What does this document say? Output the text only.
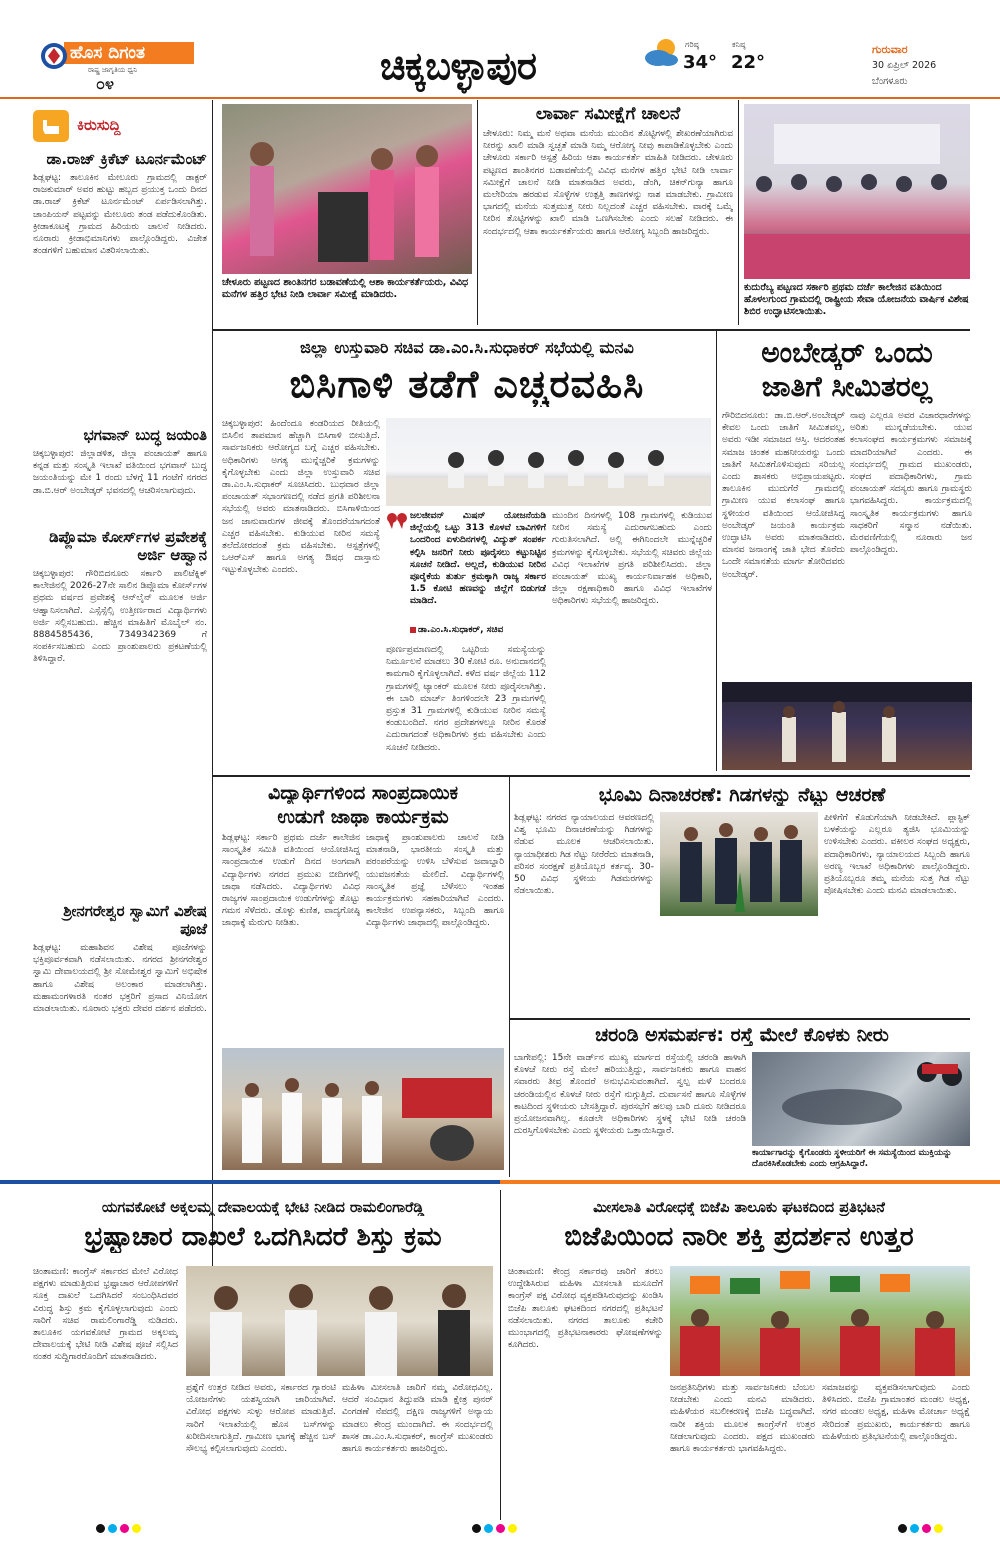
ಹೊಸ ದಿಗಂತ
ರಾಷ್ಟ್ರ ಜಾಗೃತಿಯ ಧ್ವನಿ
೦೪	ಚಿಕ್ಕಬಳ್ಳಾಪುರ	ಗರಿಷ್ಠ
34°
ಕನಿಷ್ಠ
22°
ಗುರುವಾರ
30 ಏಪ್ರಿಲ್ 2026
ಬೆಂಗಳೂರು
ಕಿರುಸುದ್ದಿ
ಡಾ.ರಾಜ್ ಕ್ರಿಕೆಟ್ ಟೂರ್ನಮೆಂಟ್
ಶಿಡ್ಲಘಟ್ಟ: ತಾಲೂಕಿನ ಮೇಲೂರು ಗ್ರಾಮದಲ್ಲಿ ಡಾಕ್ಟರ್ ರಾಜಕುಮಾರ್ ಅವರ ಹುಟ್ಟು ಹಬ್ಬದ ಪ್ರಯುಕ್ತ ಒಂದು ದಿನದ ಡಾ.ರಾಜ್ ಕ್ರಿಕೆಟ್ ಟೂರ್ನಮೆಂಟ್ ಏರ್ಪಡಿಸಲಾಗಿತ್ತು. ಚಾಂಪಿಯನ್ ಪಟ್ಟವನ್ನು ಮೇಲೂರು ತಂಡ ಪಡೆದುಕೊಂಡಿತು. ಕ್ರೀಡಾಕೂಟಕ್ಕೆ ಗ್ರಾಮದ ಹಿರಿಯರು ಚಾಲನೆ ನೀಡಿದರು. ನೂರಾರು ಕ್ರೀಡಾಭಿಮಾನಿಗಳು ಪಾಲ್ಗೊಂಡಿದ್ದರು. ವಿಜೇತ ತಂಡಗಳಿಗೆ ಬಹುಮಾನ ವಿತರಿಸಲಾಯಿತು.
ಭಗವಾನ್ ಬುದ್ಧ ಜಯಂತಿ
ಚಿಕ್ಕಬಳ್ಳಾಪುರ: ಜಿಲ್ಲಾಡಳಿತ, ಜಿಲ್ಲಾ ಪಂಚಾಯತ್ ಹಾಗೂ ಕನ್ನಡ ಮತ್ತು ಸಂಸ್ಕೃತಿ ಇಲಾಖೆ ವತಿಯಿಂದ ಭಗವಾನ್ ಬುದ್ಧ ಜಯಂತಿಯನ್ನು ಮೇ 1 ರಂದು ಬೆಳಗ್ಗೆ 11 ಗಂಟೆಗೆ ನಗರದ ಡಾ.ಬಿ.ಆರ್ ಅಂಬೇಡ್ಕರ್ ಭವನದಲ್ಲಿ ಆಚರಿಸಲಾಗುವುದು.
ಡಿಪ್ಲೊಮಾ ಕೋರ್ಸ್‌ಗಳ ಪ್ರವೇಶಕ್ಕೆ ಅರ್ಜಿ ಆಹ್ವಾನ
ಚಿಕ್ಕಬಳ್ಳಾಪುರ: ಗೌರಿಬಿದನೂರು ಸರ್ಕಾರಿ ಪಾಲಿಟೆಕ್ನಿಕ್ ಕಾಲೇಜಿನಲ್ಲಿ 2026-27ನೇ ಸಾಲಿನ ಡಿಪ್ಲೊಮಾ ಕೋರ್ಸ್‌ಗಳ ಪ್ರಥಮ ವರ್ಷದ ಪ್ರವೇಶಕ್ಕೆ ಆನ್‌ಲೈನ್ ಮೂಲಕ ಅರ್ಜಿ ಆಹ್ವಾನಿಸಲಾಗಿದೆ. ಎಸ್ಸೆಸ್ಸೆಲ್ಸಿ ಉತ್ತೀರ್ಣರಾದ ವಿದ್ಯಾರ್ಥಿಗಳು ಅರ್ಜಿ ಸಲ್ಲಿಸಬಹುದು. ಹೆಚ್ಚಿನ ಮಾಹಿತಿಗೆ ಮೊಬೈಲ್ ನಂ. 8884585436, 7349342369 ಗೆ ಸಂಪರ್ಕಿಸಬಹುದು ಎಂದು ಪ್ರಾಂಶುಪಾಲರು ಪ್ರಕಟಣೆಯಲ್ಲಿ ತಿಳಿಸಿದ್ದಾರೆ.
ಶ್ರೀನಗರೇಶ್ವರ ಸ್ವಾಮಿಗೆ ವಿಶೇಷ ಪೂಜೆ
ಶಿಡ್ಲಘಟ್ಟ: ಮಹಾಶಿವನ ವಿಶೇಷ ಪೂಜೆಗಳನ್ನು ಭಕ್ತಿಪೂರ್ವಕವಾಗಿ ನಡೆಸಲಾಯಿತು. ನಗರದ ಶ್ರೀನಗರೇಶ್ವರ ಸ್ವಾಮಿ ದೇವಾಲಯದಲ್ಲಿ ಶ್ರೀ ಸೋಮೇಶ್ವರ ಸ್ವಾಮಿಗೆ ಅಭಿಷೇಕ ಹಾಗೂ ವಿಶೇಷ ಅಲಂಕಾರ ಮಾಡಲಾಗಿತ್ತು. ಮಹಾಮಂಗಳಾರತಿ ನಂತರ ಭಕ್ತರಿಗೆ ಪ್ರಸಾದ ವಿನಿಯೋಗ ಮಾಡಲಾಯಿತು. ನೂರಾರು ಭಕ್ತರು ದೇವರ ದರ್ಶನ ಪಡೆದರು.
ಚೇಳೂರು ಪಟ್ಟಣದ ಶಾಂತಿನಗರ ಬಡಾವಣೆಯಲ್ಲಿ ಆಶಾ ಕಾರ್ಯಕರ್ತೆಯರು, ವಿವಿಧ ಮನೆಗಳ ಹತ್ತಿರ ಭೇಟಿ ನೀಡಿ ಲಾರ್ವಾ ಸಮೀಕ್ಷೆ ಮಾಡಿದರು.
ಲಾರ್ವಾ ಸಮೀಕ್ಷೆಗೆ ಚಾಲನೆ
ಚೇಳೂರು: ನಿಮ್ಮ ಮನೆ ಅಥವಾ ಮನೆಯ ಮುಂದಿನ ತೊಟ್ಟಿಗಳಲ್ಲಿ ಶೇಖರಣೆಯಾಗಿರುವ ನೀರನ್ನು ಖಾಲಿ ಮಾಡಿ ಸ್ವಚ್ಛತೆ ಮಾಡಿ ನಿಮ್ಮ ಆರೋಗ್ಯ ನೀವು ಕಾಪಾಡಿಕೊಳ್ಳಬೇಕು ಎಂದು ಚೇಳೂರು ಸರ್ಕಾರಿ ಆಸ್ಪತ್ರೆ ಹಿರಿಯ ಆಶಾ ಕಾರ್ಯಕರ್ತೆ ಮಾಹಿತಿ ನೀಡಿದರು. ಚೇಳೂರು ಪಟ್ಟಣದ ಶಾಂತಿನಗರ ಬಡಾವಣೆಯಲ್ಲಿ ವಿವಿಧ ಮನೆಗಳ ಹತ್ತಿರ ಭೇಟಿ ನೀಡಿ ಲಾರ್ವಾ ಸಮೀಕ್ಷೆಗೆ ಚಾಲನೆ ನೀಡಿ ಮಾತನಾಡಿದ ಅವರು, ಡೆಂಗಿ, ಚಿಕನ್‌ಗುನ್ಯಾ ಹಾಗೂ ಮಲೇರಿಯಾ ಹರಡುವ ಸೊಳ್ಳೆಗಳ ಉತ್ಪತ್ತಿ ತಾಣಗಳನ್ನು ನಾಶ ಮಾಡಬೇಕು. ಗ್ರಾಮೀಣ ಭಾಗದಲ್ಲಿ ಮನೆಯ ಸುತ್ತಮುತ್ತ ನೀರು ನಿಲ್ಲದಂತೆ ಎಚ್ಚರ ವಹಿಸಬೇಕು. ವಾರಕ್ಕೆ ಒಮ್ಮೆ ನೀರಿನ ತೊಟ್ಟಿಗಳನ್ನು ಖಾಲಿ ಮಾಡಿ ಒಣಗಿಸಬೇಕು ಎಂದು ಸಲಹೆ ನೀಡಿದರು. ಈ ಸಂದರ್ಭದಲ್ಲಿ ಆಶಾ ಕಾರ್ಯಕರ್ತೆಯರು ಹಾಗೂ ಆರೋಗ್ಯ ಸಿಬ್ಬಂದಿ ಹಾಜರಿದ್ದರು.
ಕುದುರೆಬ್ಯ ಪಟ್ಟಣದ ಸರ್ಕಾರಿ ಪ್ರಥಮ ದರ್ಜೆ ಕಾಲೇಜಿನ ವತಿಯಿಂದ ಹೊಳಲಗುಂದ ಗ್ರಾಮದಲ್ಲಿ ರಾಷ್ಟ್ರೀಯ ಸೇವಾ ಯೋಜನೆಯ ವಾರ್ಷಿಕ ವಿಶೇಷ ಶಿಬಿರ ಉದ್ಘಾಟಿಸಲಾಯಿತು.
ಜಿಲ್ಲಾ ಉಸ್ತುವಾರಿ ಸಚಿವ ಡಾ.ಎಂ.ಸಿ.ಸುಧಾಕರ್ ಸಭೆಯಲ್ಲಿ ಮನವಿ
ಬಿಸಿಗಾಳಿ ತಡೆಗೆ ಎಚ್ಚರವಹಿಸಿ
ಚಿಕ್ಕಬಳ್ಳಾಪುರ: ಹಿಂದೆಂದೂ ಕಂಡರಿಯದ ರೀತಿಯಲ್ಲಿ ಬಿಸಿಲಿನ ತಾಪಮಾನ ಹೆಚ್ಚಾಗಿ ಬಿಸಿಗಾಳಿ ಬೀಸುತ್ತಿದೆ. ಸಾರ್ವಜನಿಕರು ಆರೋಗ್ಯದ ಬಗ್ಗೆ ಎಚ್ಚರ ವಹಿಸಬೇಕು. ಅಧಿಕಾರಿಗಳು ಅಗತ್ಯ ಮುನ್ನೆಚ್ಚರಿಕೆ ಕ್ರಮಗಳನ್ನು ಕೈಗೊಳ್ಳಬೇಕು ಎಂದು ಜಿಲ್ಲಾ ಉಸ್ತುವಾರಿ ಸಚಿವ ಡಾ.ಎಂ.ಸಿ.ಸುಧಾಕರ್ ಸೂಚಿಸಿದರು. ಬುಧವಾರ ಜಿಲ್ಲಾ ಪಂಚಾಯತ್ ಸಭಾಂಗಣದಲ್ಲಿ ನಡೆದ ಪ್ರಗತಿ ಪರಿಶೀಲನಾ ಸಭೆಯಲ್ಲಿ ಅವರು ಮಾತನಾಡಿದರು. ಬಿಸಿಗಾಳಿಯಿಂದ ಜನ ಜಾನುವಾರುಗಳ ಜೀವಕ್ಕೆ ತೊಂದರೆಯಾಗದಂತೆ ಎಚ್ಚರ ವಹಿಸಬೇಕು. ಕುಡಿಯುವ ನೀರಿನ ಸಮಸ್ಯೆ ತಲೆದೋರದಂತೆ ಕ್ರಮ ವಹಿಸಬೇಕು. ಆಸ್ಪತ್ರೆಗಳಲ್ಲಿ ಒಆರ್‌ಎಸ್ ಹಾಗೂ ಅಗತ್ಯ ಔಷಧ ದಾಸ್ತಾನು ಇಟ್ಟುಕೊಳ್ಳಬೇಕು ಎಂದರು.
ಜಲಜೀವನ್ ಮಿಷನ್ ಯೋಜನೆಯಡಿ ಜಿಲ್ಲೆಯಲ್ಲಿ ಒಟ್ಟು 313 ಕೊಳವೆ ಬಾವಿಗಳಿಗೆ ಒಂದರಿಂದ ಏಳುದಿನಗಳಲ್ಲಿ ವಿದ್ಯುತ್ ಸಂಪರ್ಕ ಕಲ್ಪಿಸಿ ಜನರಿಗೆ ನೀರು ಪೂರೈಸಲು ಕಟ್ಟುನಿಟ್ಟಿನ ಸೂಚನೆ ನೀಡಿದೆ. ಅಲ್ಲದೆ, ಕುಡಿಯುವ ನೀರಿನ ಪೂರೈಕೆಯ ತುರ್ತು ಕ್ರಮಕ್ಕಾಗಿ ರಾಜ್ಯ ಸರ್ಕಾರ 1.5 ಕೋಟಿ ಹಣವನ್ನು ಜಿಲ್ಲೆಗೆ ಬಿಡುಗಡೆ ಮಾಡಿದೆ.
ಡಾ.ಎಂ.ಸಿ.ಸುಧಾಕರ್, ಸಚಿವ
ಪೂರ್ಣಪ್ರಮಾಣದಲ್ಲಿ ಒಟ್ಟರಿಯ ಸಮಸ್ಯೆಯನ್ನು ನಿರ್ಮೂಲನೆ ಮಾಡಲು 30 ಕೋಟಿ ರೂ. ಅನುದಾನದಲ್ಲಿ ಕಾಮಗಾರಿ ಕೈಗೊಳ್ಳಲಾಗಿದೆ. ಕಳೆದ ವರ್ಷ ಜಿಲ್ಲೆಯ 112 ಗ್ರಾಮಗಳಲ್ಲಿ ಟ್ಯಾಂಕರ್ ಮೂಲಕ ನೀರು ಪೂರೈಸಲಾಗಿತ್ತು. ಈ ಬಾರಿ ಮಾರ್ಚ್ ತಿಂಗಳಿಂದಲೇ 23 ಗ್ರಾಮಗಳಲ್ಲಿ ಪ್ರಸ್ತುತ 31 ಗ್ರಾಮಗಳಲ್ಲಿ ಕುಡಿಯುವ ನೀರಿನ ಸಮಸ್ಯೆ ಕಂಡುಬಂದಿದೆ. ನಗರ ಪ್ರದೇಶಗಳಲ್ಲೂ ನೀರಿನ ಕೊರತೆ ಎದುರಾಗದಂತೆ ಅಧಿಕಾರಿಗಳು ಕ್ರಮ ವಹಿಸಬೇಕು ಎಂದು ಸೂಚನೆ ನೀಡಿದರು.
ಮುಂದಿನ ದಿನಗಳಲ್ಲಿ 108 ಗ್ರಾಮಗಳಲ್ಲಿ ಕುಡಿಯುವ ನೀರಿನ ಸಮಸ್ಯೆ ಎದುರಾಗಬಹುದು ಎಂದು ಗುರುತಿಸಲಾಗಿದೆ. ಅಲ್ಲಿ ಈಗಿನಿಂದಲೇ ಮುನ್ನೆಚ್ಚರಿಕೆ ಕ್ರಮಗಳನ್ನು ಕೈಗೊಳ್ಳಬೇಕು. ಸಭೆಯಲ್ಲಿ ಸಚಿವರು ಜಿಲ್ಲೆಯ ವಿವಿಧ ಇಲಾಖೆಗಳ ಪ್ರಗತಿ ಪರಿಶೀಲಿಸಿದರು. ಜಿಲ್ಲಾ ಪಂಚಾಯತ್ ಮುಖ್ಯ ಕಾರ್ಯನಿರ್ವಾಹಕ ಅಧಿಕಾರಿ, ಜಿಲ್ಲಾ ರಕ್ಷಣಾಧಿಕಾರಿ ಹಾಗೂ ವಿವಿಧ ಇಲಾಖೆಗಳ ಅಧಿಕಾರಿಗಳು ಸಭೆಯಲ್ಲಿ ಹಾಜರಿದ್ದರು.
ಅಂಬೇಡ್ಕರ್ ಒಂದು
ಜಾತಿಗೆ ಸೀಮಿತರಲ್ಲ
ಗೌರಿಬಿದನೂರು: ಡಾ.ಬಿ.ಆರ್.ಅಂಬೇಡ್ಕರ್ ಕೇವಲ ಒಂದು ಜಾತಿಗೆ ಸೀಮಿತವಲ್ಲ, ಅವರು ಇಡೀ ಸಮಾಜದ ಆಸ್ತಿ. ಆದರಂತಹ ಸಮಾಜ ಚಿಂತಕ ಮಹನೀಯರನ್ನು ಒಂದು ಜಾತಿಗೆ ಸೀಮಿತಗೊಳಿಸುವುದು ಸರಿಯಲ್ಲ ಎಂದು ಶಾಸಕರು ಅಭಿಪ್ರಾಯಪಟ್ಟರು. ತಾಲೂಕಿನ ಮುದುಗೆರೆ ಗ್ರಾಮದಲ್ಲಿ ಗ್ರಾಮೀಣ ಯುವ ಕಲಾಸಂಘ ಹಾಗೂ ಸ್ಥಳೀಯರ ವತಿಯಿಂದ ಆಯೋಜಿಸಿದ್ದ ಅಂಬೇಡ್ಕರ್ ಜಯಂತಿ ಕಾರ್ಯಕ್ರಮ ಉದ್ಘಾಟಿಸಿ ಅವರು ಮಾತನಾಡಿದರು. ಮಾನವ ಜನಾಂಗಕ್ಕೆ ಜಾತಿ ಭೇದ ತೊರೆದು ಒಂದೇ ಸಮಾನತೆಯ ಮಾರ್ಗ ತೋರಿದವರು ಅಂಬೇಡ್ಕರ್.
ನಾವು ಎಲ್ಲರೂ ಅವರ ವಿಚಾರಧಾರೆಗಳನ್ನು ಅರಿತು ಮುನ್ನಡೆಯಬೇಕು. ಯುವ ಕಲಾಸಂಘದ ಕಾರ್ಯಕ್ರಮಗಳು ಸಮಾಜಕ್ಕೆ ಮಾದರಿಯಾಗಿವೆ ಎಂದರು. ಈ ಸಂದರ್ಭದಲ್ಲಿ ಗ್ರಾಮದ ಮುಖಂಡರು, ಸಂಘದ ಪದಾಧಿಕಾರಿಗಳು, ಗ್ರಾಮ ಪಂಚಾಯತ್ ಸದಸ್ಯರು ಹಾಗೂ ಗ್ರಾಮಸ್ಥರು ಭಾಗವಹಿಸಿದ್ದರು. ಕಾರ್ಯಕ್ರಮದಲ್ಲಿ ಸಾಂಸ್ಕೃತಿಕ ಕಾರ್ಯಕ್ರಮಗಳು ಹಾಗೂ ಸಾಧಕರಿಗೆ ಸನ್ಮಾನ ನಡೆಯಿತು. ಮೆರವಣಿಗೆಯಲ್ಲಿ ನೂರಾರು ಜನ ಪಾಲ್ಗೊಂಡಿದ್ದರು.
ವಿದ್ಯಾರ್ಥಿಗಳಿಂದ ಸಾಂಪ್ರದಾಯಿಕ
ಉಡುಗೆ ಜಾಥಾ ಕಾರ್ಯಕ್ರಮ
ಶಿಡ್ಲಘಟ್ಟ: ಸರ್ಕಾರಿ ಪ್ರಥಮ ದರ್ಜೆ ಕಾಲೇಜಿನ ಸಾಂಸ್ಕೃತಿಕ ಸಮಿತಿ ವತಿಯಿಂದ ಆಯೋಜಿಸಿದ್ದ ಸಾಂಪ್ರದಾಯಿಕ ಉಡುಗೆ ದಿನದ ಅಂಗವಾಗಿ ವಿದ್ಯಾರ್ಥಿಗಳು ನಗರದ ಪ್ರಮುಖ ಬೀದಿಗಳಲ್ಲಿ ಜಾಥಾ ನಡೆಸಿದರು. ವಿದ್ಯಾರ್ಥಿಗಳು ವಿವಿಧ ರಾಜ್ಯಗಳ ಸಾಂಪ್ರದಾಯಿಕ ಉಡುಗೆಗಳನ್ನು ತೊಟ್ಟು ಗಮನ ಸೆಳೆದರು. ಡೊಳ್ಳು ಕುಣಿತ, ವಾದ್ಯಗೋಷ್ಠಿ ಜಾಥಾಕ್ಕೆ ಮೆರುಗು ನೀಡಿತು.
ಜಾಥಾಕ್ಕೆ ಪ್ರಾಂಶುಪಾಲರು ಚಾಲನೆ ನೀಡಿ ಮಾತನಾಡಿ, ಭಾರತೀಯ ಸಂಸ್ಕೃತಿ ಮತ್ತು ಪರಂಪರೆಯನ್ನು ಉಳಿಸಿ ಬೆಳೆಸುವ ಜವಾಬ್ದಾರಿ ಯುವಜನತೆಯ ಮೇಲಿದೆ. ವಿದ್ಯಾರ್ಥಿಗಳಲ್ಲಿ ಸಾಂಸ್ಕೃತಿಕ ಪ್ರಜ್ಞೆ ಬೆಳೆಸಲು ಇಂತಹ ಕಾರ್ಯಕ್ರಮಗಳು ಸಹಕಾರಿಯಾಗಿವೆ ಎಂದರು. ಕಾಲೇಜಿನ ಉಪನ್ಯಾಸಕರು, ಸಿಬ್ಬಂದಿ ಹಾಗೂ ವಿದ್ಯಾರ್ಥಿಗಳು ಜಾಥಾದಲ್ಲಿ ಪಾಲ್ಗೊಂಡಿದ್ದರು.
ಭೂಮಿ ದಿನಾಚರಣೆ: ಗಿಡಗಳನ್ನು ನೆಟ್ಟು ಆಚರಣೆ
ಶಿಡ್ಲಘಟ್ಟ: ನಗರದ ನ್ಯಾಯಾಲಯದ ಆವರಣದಲ್ಲಿ ವಿಶ್ವ ಭೂಮಿ ದಿನಾಚರಣೆಯನ್ನು ಗಿಡಗಳನ್ನು ನೆಡುವ ಮೂಲಕ ಆಚರಿಸಲಾಯಿತು. ನ್ಯಾಯಾಧೀಶರು ಗಿಡ ನೆಟ್ಟು ನೀರೆರೆದು ಮಾತನಾಡಿ, ಪರಿಸರ ಸಂರಕ್ಷಣೆ ಪ್ರತಿಯೊಬ್ಬರ ಕರ್ತವ್ಯ. 30-50 ವಿವಿಧ ಸ್ಥಳೀಯ ಗಿಡಮರಗಳನ್ನು ನೆಡಲಾಯಿತು.
ಪೀಳಿಗೆಗೆ ಕೊಡುಗೆಯಾಗಿ ನೀಡಬೇಕಿದೆ. ಪ್ಲಾಸ್ಟಿಕ್ ಬಳಕೆಯನ್ನು ಎಲ್ಲರೂ ತ್ಯಜಿಸಿ ಭೂಮಿಯನ್ನು ಉಳಿಸಬೇಕು ಎಂದರು. ವಕೀಲರ ಸಂಘದ ಅಧ್ಯಕ್ಷರು, ಪದಾಧಿಕಾರಿಗಳು, ನ್ಯಾಯಾಲಯದ ಸಿಬ್ಬಂದಿ ಹಾಗೂ ಅರಣ್ಯ ಇಲಾಖೆ ಅಧಿಕಾರಿಗಳು ಪಾಲ್ಗೊಂಡಿದ್ದರು. ಪ್ರತಿಯೊಬ್ಬರೂ ತಮ್ಮ ಮನೆಯ ಸುತ್ತ ಗಿಡ ನೆಟ್ಟು ಪೋಷಿಸಬೇಕು ಎಂದು ಮನವಿ ಮಾಡಲಾಯಿತು.
ಚರಂಡಿ ಅಸಮರ್ಪಕ: ರಸ್ತೆ ಮೇಲೆ ಕೊಳಕು ನೀರು
ಬಾಗೇಪಲ್ಲಿ: 15ನೇ ವಾರ್ಡ್‌ನ ಮುಖ್ಯ ಮಾರ್ಗದ ರಸ್ತೆಯಲ್ಲಿ ಚರಂಡಿ ಹಾಳಾಗಿ ಕೊಳಚೆ ನೀರು ರಸ್ತೆ ಮೇಲೆ ಹರಿಯುತ್ತಿದ್ದು, ಸಾರ್ವಜನಿಕರು ಹಾಗೂ ವಾಹನ ಸವಾರರು ತೀವ್ರ ತೊಂದರೆ ಅನುಭವಿಸುವಂತಾಗಿದೆ. ಸ್ವಲ್ಪ ಮಳೆ ಬಂದರೂ ಚರಂಡಿಯಲ್ಲಿನ ಕೊಳಚೆ ನೀರು ರಸ್ತೆಗೆ ನುಗ್ಗುತ್ತಿದೆ. ದುರ್ವಾಸನೆ ಹಾಗೂ ಸೊಳ್ಳೆಗಳ ಕಾಟದಿಂದ ಸ್ಥಳೀಯರು ಬೇಸತ್ತಿದ್ದಾರೆ. ಪುರಸಭೆಗೆ ಹಲವು ಬಾರಿ ದೂರು ನೀಡಿದರೂ ಪ್ರಯೋಜನವಾಗಿಲ್ಲ. ಕೂಡಲೇ ಅಧಿಕಾರಿಗಳು ಸ್ಥಳಕ್ಕೆ ಭೇಟಿ ನೀಡಿ ಚರಂಡಿ ದುರಸ್ತಿಗೊಳಿಸಬೇಕು ಎಂದು ಸ್ಥಳೀಯರು ಒತ್ತಾಯಿಸಿದ್ದಾರೆ.
ಕಾರ್ಯಾಗಾರನ್ನು ಕೈಗೊಂಡರು ಸ್ಥಳೀಯರಿಗೆ ಈ ಸಮಸ್ಯೆಯಿಂದ ಮುಕ್ತಿಯನ್ನು ದೊರಕಿಸಿಕೊಡಬೇಕು ಎಂದು ಆಗ್ರಹಿಸಿದ್ದಾರೆ.
ಯಗವಕೋಟೆ ಅಕ್ಕಲಮ್ಮ ದೇವಾಲಯಕ್ಕೆ ಭೇಟಿ ನೀಡಿದ ರಾಮಲಿಂಗಾರೆಡ್ಡಿ
ಭ್ರಷ್ಟಾಚಾರ ದಾಖಲೆ ಒದಗಿಸಿದರೆ ಶಿಸ್ತು ಕ್ರಮ
ಚಿಂತಾಮಣಿ: ಕಾಂಗ್ರೆಸ್ ಸರ್ಕಾರದ ಮೇಲೆ ವಿರೋಧ ಪಕ್ಷಗಳು ಮಾಡುತ್ತಿರುವ ಭ್ರಷ್ಟಾಚಾರ ಆರೋಪಗಳಿಗೆ ಸೂಕ್ತ ದಾಖಲೆ ಒದಗಿಸಿದರೆ ಸಂಬಂಧಿಸಿದವರ ವಿರುದ್ಧ ಶಿಸ್ತು ಕ್ರಮ ಕೈಗೊಳ್ಳಲಾಗುವುದು ಎಂದು ಸಾರಿಗೆ ಸಚಿವ ರಾಮಲಿಂಗಾರೆಡ್ಡಿ ನುಡಿದರು. ತಾಲೂಕಿನ ಯಗವಕೋಟೆ ಗ್ರಾಮದ ಅಕ್ಕಲಮ್ಮ ದೇವಾಲಯಕ್ಕೆ ಭೇಟಿ ನೀಡಿ ವಿಶೇಷ ಪೂಜೆ ಸಲ್ಲಿಸಿದ ನಂತರ ಸುದ್ದಿಗಾರರೊಂದಿಗೆ ಮಾತನಾಡಿದರು.
ಪ್ರಶ್ನೆಗೆ ಉತ್ತರ ನೀಡಿದ ಅವರು, ಸರ್ಕಾರದ ಗ್ಯಾರಂಟಿ ಯೋಜನೆಗಳು ಯಶಸ್ವಿಯಾಗಿ ಜಾರಿಯಾಗಿವೆ. ವಿರೋಧ ಪಕ್ಷಗಳು ಸುಳ್ಳು ಆರೋಪ ಮಾಡುತ್ತಿವೆ. ಸಾರಿಗೆ ಇಲಾಖೆಯಲ್ಲಿ ಹೊಸ ಬಸ್‌ಗಳನ್ನು ಖರೀದಿಸಲಾಗುತ್ತಿದೆ. ಗ್ರಾಮೀಣ ಭಾಗಕ್ಕೆ ಹೆಚ್ಚಿನ ಬಸ್ ಸೌಲಭ್ಯ ಕಲ್ಪಿಸಲಾಗುವುದು ಎಂದರು.
ಮಹಿಳಾ ಮೀಸಲಾತಿ ಜಾರಿಗೆ ನಮ್ಮ ವಿರೋಧವಿಲ್ಲ. ಆದರೆ ಸಂವಿಧಾನ ತಿದ್ದುಪಡಿ ಮಾಡಿ ಕ್ಷೇತ್ರ ಪುನರ್ ವಿಂಗಡಣೆ ನೆಪದಲ್ಲಿ ದಕ್ಷಿಣ ರಾಜ್ಯಗಳಿಗೆ ಅನ್ಯಾಯ ಮಾಡಲು ಕೇಂದ್ರ ಮುಂದಾಗಿದೆ. ಈ ಸಂದರ್ಭದಲ್ಲಿ ಶಾಸಕ ಡಾ.ಎಂ.ಸಿ.ಸುಧಾಕರ್, ಕಾಂಗ್ರೆಸ್ ಮುಖಂಡರು ಹಾಗೂ ಕಾರ್ಯಕರ್ತರು ಹಾಜರಿದ್ದರು.
ಮೀಸಲಾತಿ ವಿರೋಧಕ್ಕೆ ಬಿಜೆಪಿ ತಾಲೂಕು ಘಟಕದಿಂದ ಪ್ರತಿಭಟನೆ
ಬಿಜೆಪಿಯಿಂದ ನಾರೀ ಶಕ್ತಿ ಪ್ರದರ್ಶನ ಉತ್ತರ
ಚಿಂತಾಮಣಿ: ಕೇಂದ್ರ ಸರ್ಕಾರವು ಜಾರಿಗೆ ತರಲು ಉದ್ದೇಶಿಸಿರುವ ಮಹಿಳಾ ಮೀಸಲಾತಿ ಮಸೂದೆಗೆ ಕಾಂಗ್ರೆಸ್ ಪಕ್ಷ ವಿರೋಧ ವ್ಯಕ್ತಪಡಿಸಿರುವುದನ್ನು ಖಂಡಿಸಿ ಬಿಜೆಪಿ ತಾಲೂಕು ಘಟಕದಿಂದ ನಗರದಲ್ಲಿ ಪ್ರತಿಭಟನೆ ನಡೆಸಲಾಯಿತು. ನಗರದ ತಾಲೂಕು ಕಚೇರಿ ಮುಂಭಾಗದಲ್ಲಿ ಪ್ರತಿಭಟನಾಕಾರರು ಘೋಷಣೆಗಳನ್ನು ಕೂಗಿದರು.
ಜನಪ್ರತಿನಿಧಿಗಳು ಮತ್ತು ಸಾರ್ವಜನಿಕರು ಬೆಂಬಲ ನೀಡಬೇಕು ಎಂದು ಮನವಿ ಮಾಡಿದರು. ಮಹಿಳೆಯರ ಸಬಲೀಕರಣಕ್ಕೆ ಬಿಜೆಪಿ ಬದ್ಧವಾಗಿದೆ. ನಾರೀ ಶಕ್ತಿಯ ಮೂಲಕ ಕಾಂಗ್ರೆಸ್‌ಗೆ ಉತ್ತರ ನೀಡಲಾಗುವುದು ಎಂದರು. ಪಕ್ಷದ ಮುಖಂಡರು ಹಾಗೂ ಕಾರ್ಯಕರ್ತರು ಭಾಗವಹಿಸಿದ್ದರು.
ಸಮಾಜವನ್ನು ವ್ಯಕ್ತಪಡಿಸಲಾಗುವುದು ಎಂದು ತಿಳಿಸಿದರು. ಬಿಜೆಪಿ ಗ್ರಾಮಾಂತರ ಮಂಡಲ ಅಧ್ಯಕ್ಷ, ನಗರ ಮಂಡಲ ಅಧ್ಯಕ್ಷ, ಮಹಿಳಾ ಮೋರ್ಚಾ ಅಧ್ಯಕ್ಷೆ ಸೇರಿದಂತೆ ಪ್ರಮುಖರು, ಕಾರ್ಯಕರ್ತರು ಹಾಗೂ ಮಹಿಳೆಯರು ಪ್ರತಿಭಟನೆಯಲ್ಲಿ ಪಾಲ್ಗೊಂಡಿದ್ದರು.
